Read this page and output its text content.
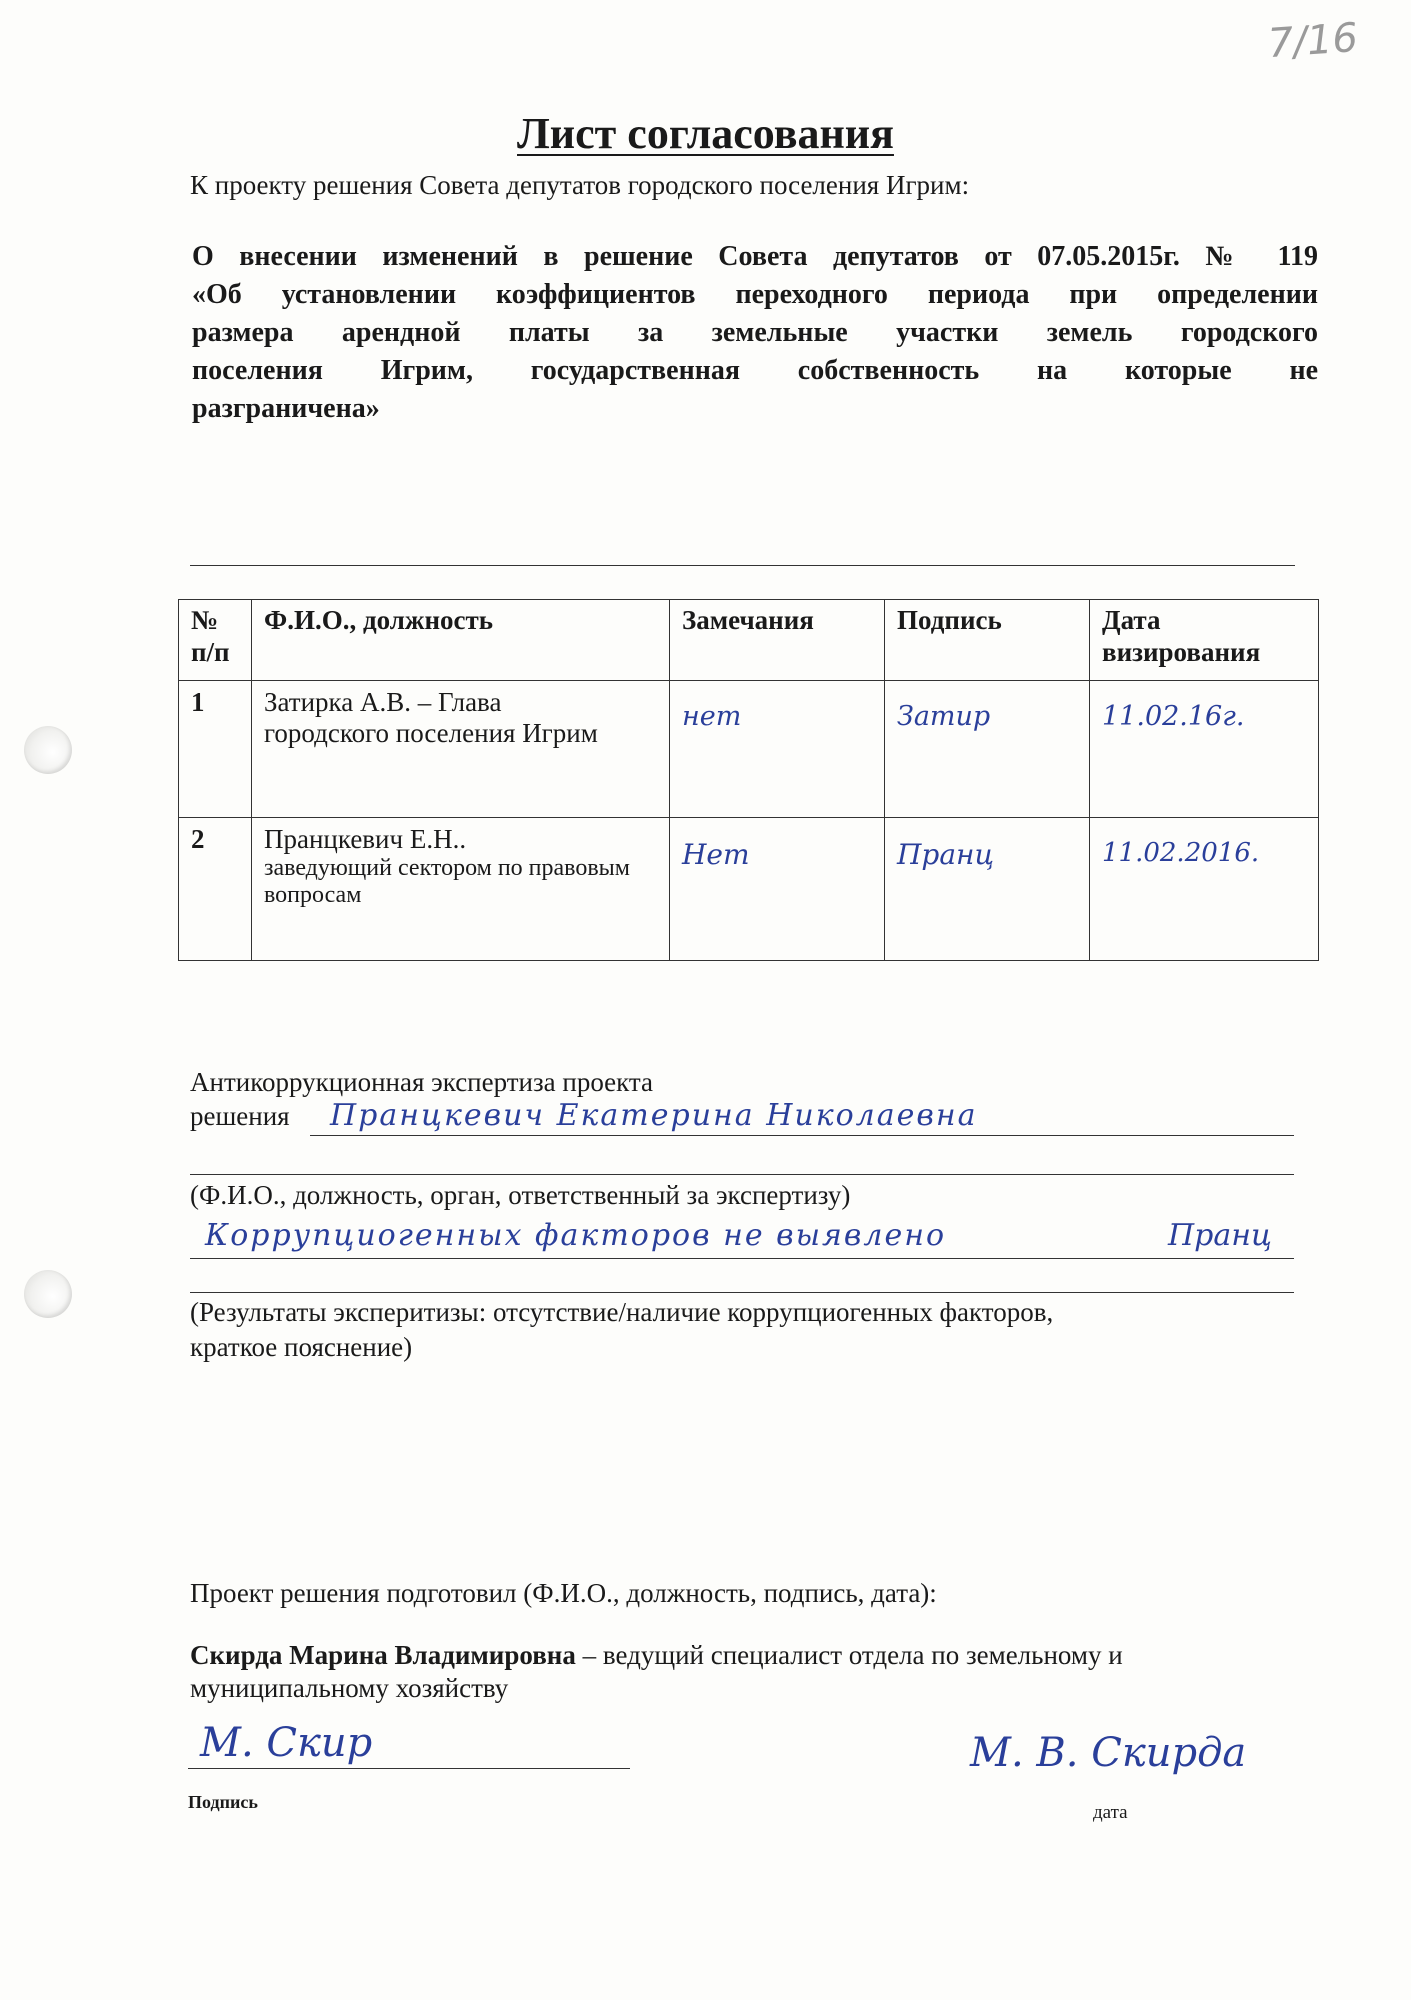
7/16
Лист согласования
К проекту решения Совета депутатов городского поселения Игрим:
О внесении изменений в решение Совета депутатов от 07.05.2015г. № 119
«Об установлении коэффициентов переходного периода при определении
размера арендной платы за земельные участки земель городского
поселения Игрим, государственная собственность на которые не
разграничена»
№ п/п	Ф.И.О., должность	Замечания	Подпись	Дата визирования
1	Затирка А.В. – Глава
городского поселения Игрим	нет	Затир	11.02.16г.
2	Пранцкевич Е.Н..
заведующий сектором по правовым вопросам	Нет	Пранц	11.02.2016.
Антикоррукционная экспертиза проекта
решения Пранцкевич Екатерина Николаевна
(Ф.И.О., должность, орган, ответственный за экспертизу)
Коррупциогенных факторов не выявлено	Пранц
(Результаты эксперитизы: отсутствие/наличие коррупциогенных факторов,
краткое пояснение)
Проект решения подготовил (Ф.И.О., должность, подпись, дата):
Скирда Марина Владимировна – ведущий специалист отдела по земельному и
муниципальному хозяйству
М. Скир
Подпись
М. В. Скирда
дата
